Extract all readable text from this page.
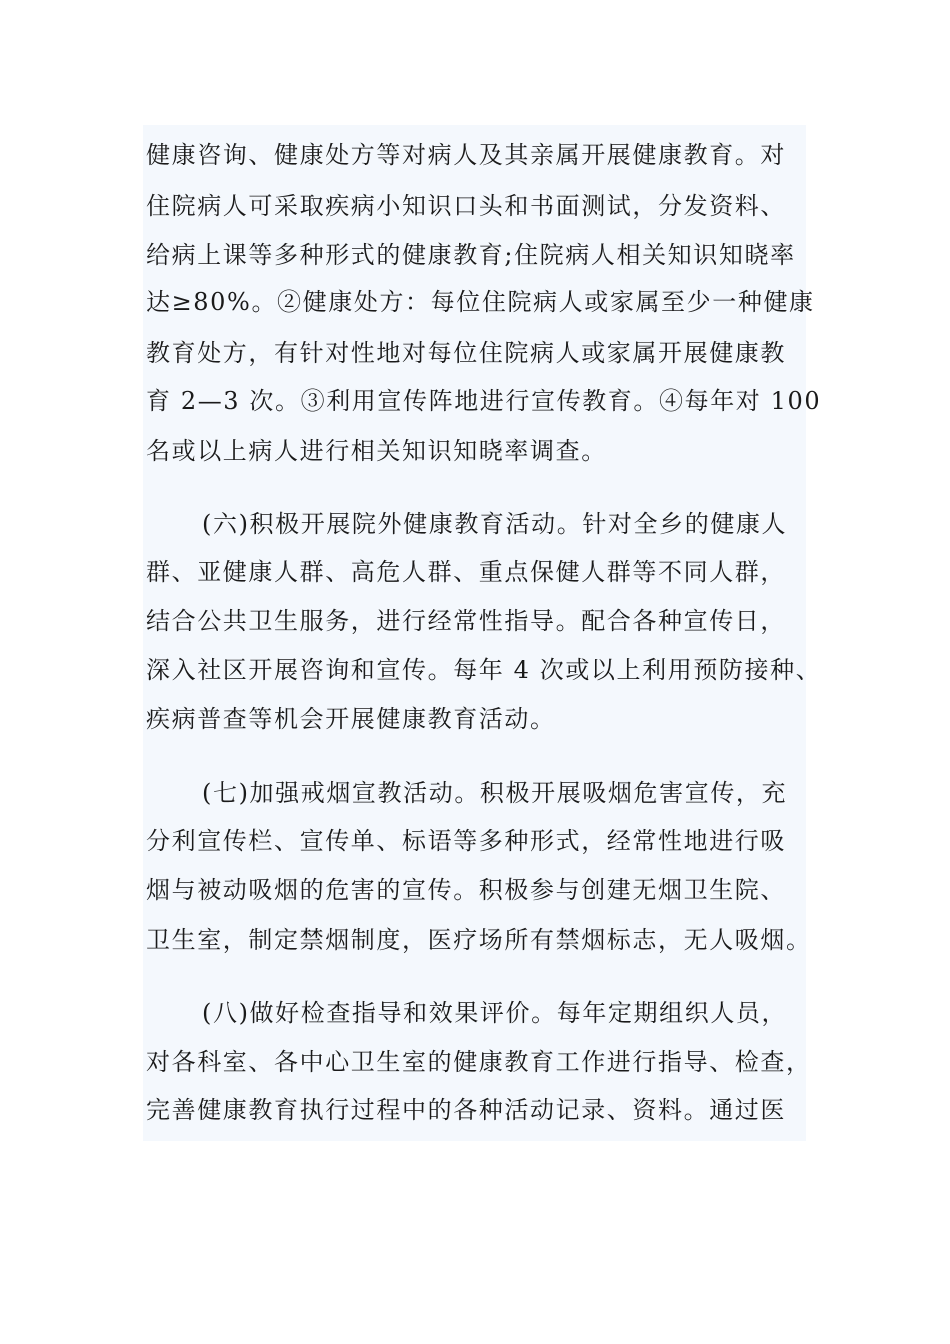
健康咨询、健康处方等对病人及其亲属开展健康教育。对

住院病人可采取疾病小知识口头和书面测试，分发资料、

给病上课等多种形式的健康教育;住院病人相关知识知晓率

达≥80%。②健康处方：每位住院病人或家属至少一种健康

教育处方，有针对性地对每位住院病人或家属开展健康教

育 2—3 次。③利用宣传阵地进行宣传教育。④每年对 100

名或以上病人进行相关知识知晓率调查。

(六)积极开展院外健康教育活动。针对全乡的健康人

群、亚健康人群、高危人群、重点保健人群等不同人群，

结合公共卫生服务，进行经常性指导。配合各种宣传日，

深入社区开展咨询和宣传。每年 4 次或以上利用预防接种、

疾病普查等机会开展健康教育活动。

(七)加强戒烟宣教活动。积极开展吸烟危害宣传，充

分利宣传栏、宣传单、标语等多种形式，经常性地进行吸

烟与被动吸烟的危害的宣传。积极参与创建无烟卫生院、

卫生室，制定禁烟制度，医疗场所有禁烟标志，无人吸烟。

(八)做好检查指导和效果评价。每年定期组织人员，

对各科室、各中心卫生室的健康教育工作进行指导、检查，

完善健康教育执行过程中的各种活动记录、资料。通过医
